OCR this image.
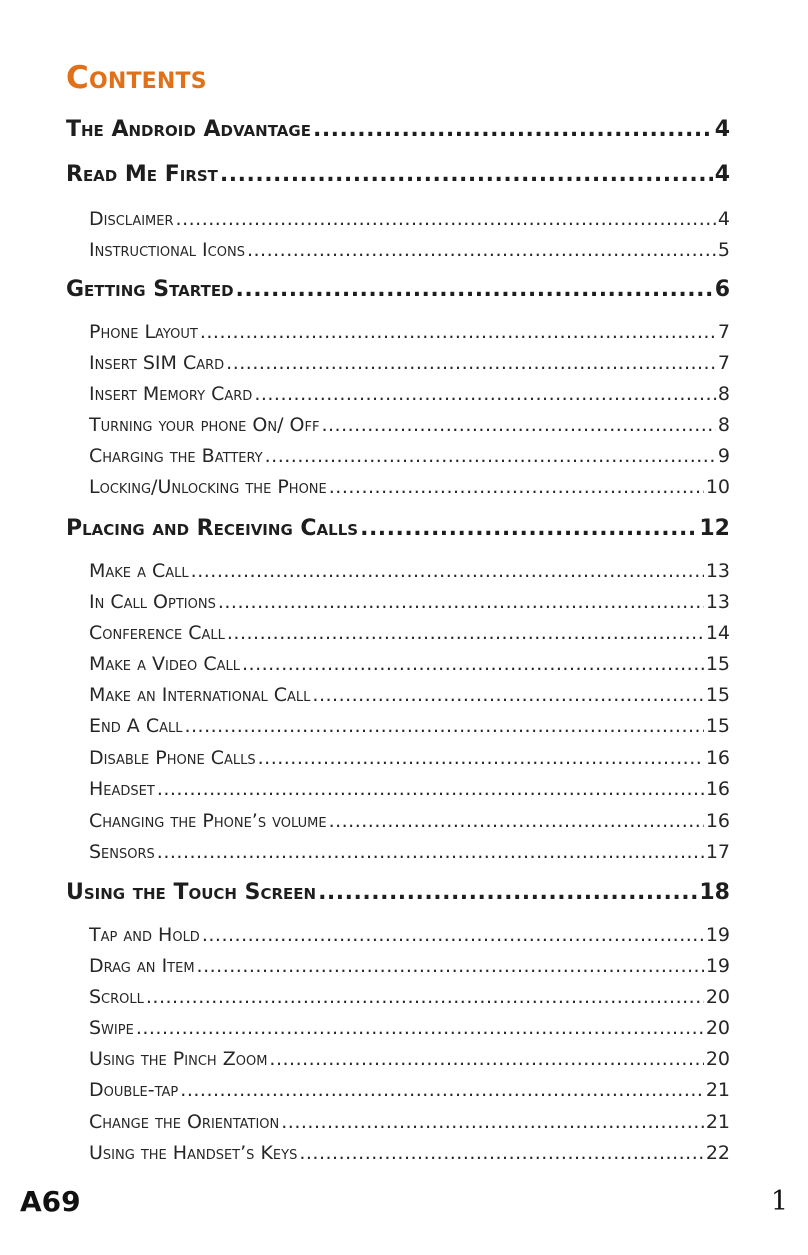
Contents
The Android Advantage .....	4
Read Me First .....	4
Disclaimer .....	4
Instructional Icons .....	5
Getting Started .....	6
Phone Layout .....	7
Insert SIM Card .....	7
Insert Memory Card .....	8
Turning your phone On/ Off .....	8
Charging the Battery .....	9
Locking/Unlocking the Phone .....	10
Placing and Receiving Calls .....	12
Make a Call .....	13
In Call Options .....	13
Conference Call .....	14
Make a Video Call .....	15
Make an International Call .....	15
End A Call .....	15
Disable Phone Calls .....	16
Headset .....	16
Changing the Phone’s volume .....	16
Sensors .....	17
Using the Touch Screen .....	18
Tap and Hold .....	19
Drag an Item .....	19
Scroll .....	20
Swipe .....	20
Using the Pinch Zoom .....	20
Double-tap .....	21
Change the Orientation .....	21
Using the Handset’s Keys .....	22
A69	1
